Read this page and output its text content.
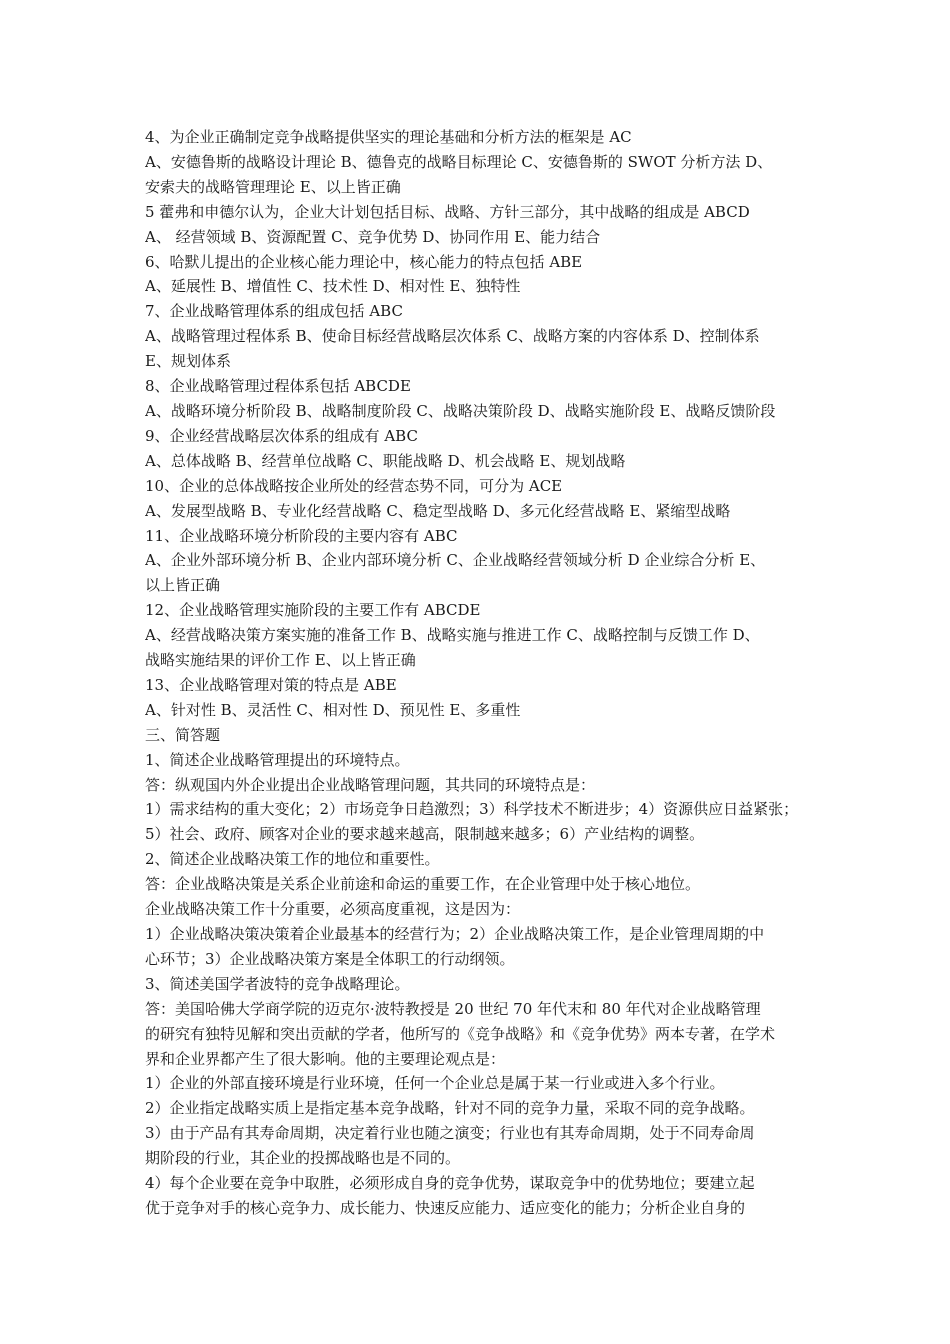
4、为企业正确制定竞争战略提供坚实的理论基础和分析方法的框架是 AC
A、安德鲁斯的战略设计理论 B、德鲁克的战略目标理论 C、安德鲁斯的 SWOT 分析方法 D、
安索夫的战略管理理论 E、以上皆正确
5 藿弗和申德尔认为，企业大计划包括目标、战略、方针三部分，其中战略的组成是 ABCD
A、 经营领域 B、资源配置 C、竞争优势 D、协同作用 E、能力结合
6、哈默儿提出的企业核心能力理论中，核心能力的特点包括 ABE
A、延展性 B、增值性 C、技术性 D、相对性 E、独特性
7、企业战略管理体系的组成包括 ABC
A、战略管理过程体系 B、使命目标经营战略层次体系 C、战略方案的内容体系 D、控制体系
E、规划体系
8、企业战略管理过程体系包括 ABCDE
A、战略环境分析阶段 B、战略制度阶段 C、战略决策阶段 D、战略实施阶段 E、战略反馈阶段
9、企业经营战略层次体系的组成有 ABC
A、总体战略 B、经营单位战略 C、职能战略 D、机会战略 E、规划战略
10、企业的总体战略按企业所处的经营态势不同，可分为 ACE
A、发展型战略 B、专业化经营战略 C、稳定型战略 D、多元化经营战略 E、紧缩型战略
11、企业战略环境分析阶段的主要内容有 ABC
A、企业外部环境分析 B、企业内部环境分析 C、企业战略经营领域分析 D 企业综合分析 E、
以上皆正确
12、企业战略管理实施阶段的主要工作有 ABCDE
A、经营战略决策方案实施的准备工作 B、战略实施与推进工作 C、战略控制与反馈工作 D、
战略实施结果的评价工作 E、以上皆正确
13、企业战略管理对策的特点是 ABE
A、针对性 B、灵活性 C、相对性 D、预见性 E、多重性
三、简答题
1、简述企业战略管理提出的环境特点。
答：纵观国内外企业提出企业战略管理问题，其共同的环境特点是：
1）需求结构的重大变化；2）市场竞争日趋激烈；3）科学技术不断进步；4）资源供应日益紧张；
5）社会、政府、顾客对企业的要求越来越高，限制越来越多；6）产业结构的调整。
2、简述企业战略决策工作的地位和重要性。
答：企业战略决策是关系企业前途和命运的重要工作，在企业管理中处于核心地位。
企业战略决策工作十分重要，必须高度重视，这是因为：
1）企业战略决策决策着企业最基本的经营行为；2）企业战略决策工作，是企业管理周期的中
心环节；3）企业战略决策方案是全体职工的行动纲领。
3、简述美国学者波特的竞争战略理论。
答：美国哈佛大学商学院的迈克尔·波特教授是 20 世纪 70 年代末和 80 年代对企业战略管理
的研究有独特见解和突出贡献的学者，他所写的《竞争战略》和《竞争优势》两本专著，在学术
界和企业界都产生了很大影响。他的主要理论观点是：
1）企业的外部直接环境是行业环境，任何一个企业总是属于某一行业或进入多个行业。
2）企业指定战略实质上是指定基本竞争战略，针对不同的竞争力量，采取不同的竞争战略。
3）由于产品有其寿命周期，决定着行业也随之演变；行业也有其寿命周期，处于不同寿命周
期阶段的行业，其企业的投掷战略也是不同的。
4）每个企业要在竞争中取胜，必须形成自身的竞争优势，谋取竞争中的优势地位；要建立起
优于竞争对手的核心竞争力、成长能力、快速反应能力、适应变化的能力；分析企业自身的
